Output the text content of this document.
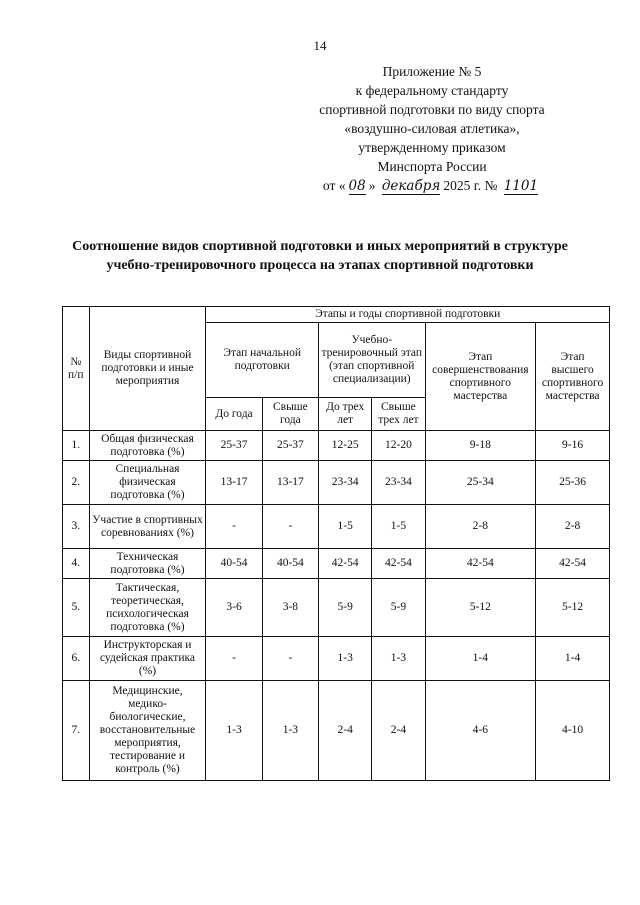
14
Приложение № 5
к федеральному стандарту
спортивной подготовки по виду спорта
«воздушно-силовая атлетика»,
утвержденному приказом
Минспорта России
от « 08 » декабря 2025 г. № 1101
Соотношение видов спортивной подготовки и иных мероприятий в структуре
учебно-тренировочного процесса на этапах спортивной подготовки
№ п/п	Виды спортивной подготовки и иные мероприятия	Этапы и годы спортивной подготовки					
		Этап начальной подготовки		Учебно-тренировочный этап (этап спортивной специализации)		Этап совершенствования спортивного мастерства	Этап высшего спортивного мастерства
		До года	Свыше года	До трех лет	Свыше трех лет		
1.	Общая физическая подготовка (%)	25-37	25-37	12-25	12-20	9-18	9-16
2.	Специальная физическая подготовка (%)	13-17	13-17	23-34	23-34	25-34	25-36
3.	Участие в спортивных соревнованиях (%)	-	-	1-5	1-5	2-8	2-8
4.	Техническая подготовка (%)	40-54	40-54	42-54	42-54	42-54	42-54
5.	Тактическая, теоретическая, психологическая подготовка (%)	3-6	3-8	5-9	5-9	5-12	5-12
6.	Инструкторская и судейская практика (%)	-	-	1-3	1-3	1-4	1-4
7.	Медицинские, медико-биологические, восстановительные мероприятия, тестирование и контроль (%)	1-3	1-3	2-4	2-4	4-6	4-10
